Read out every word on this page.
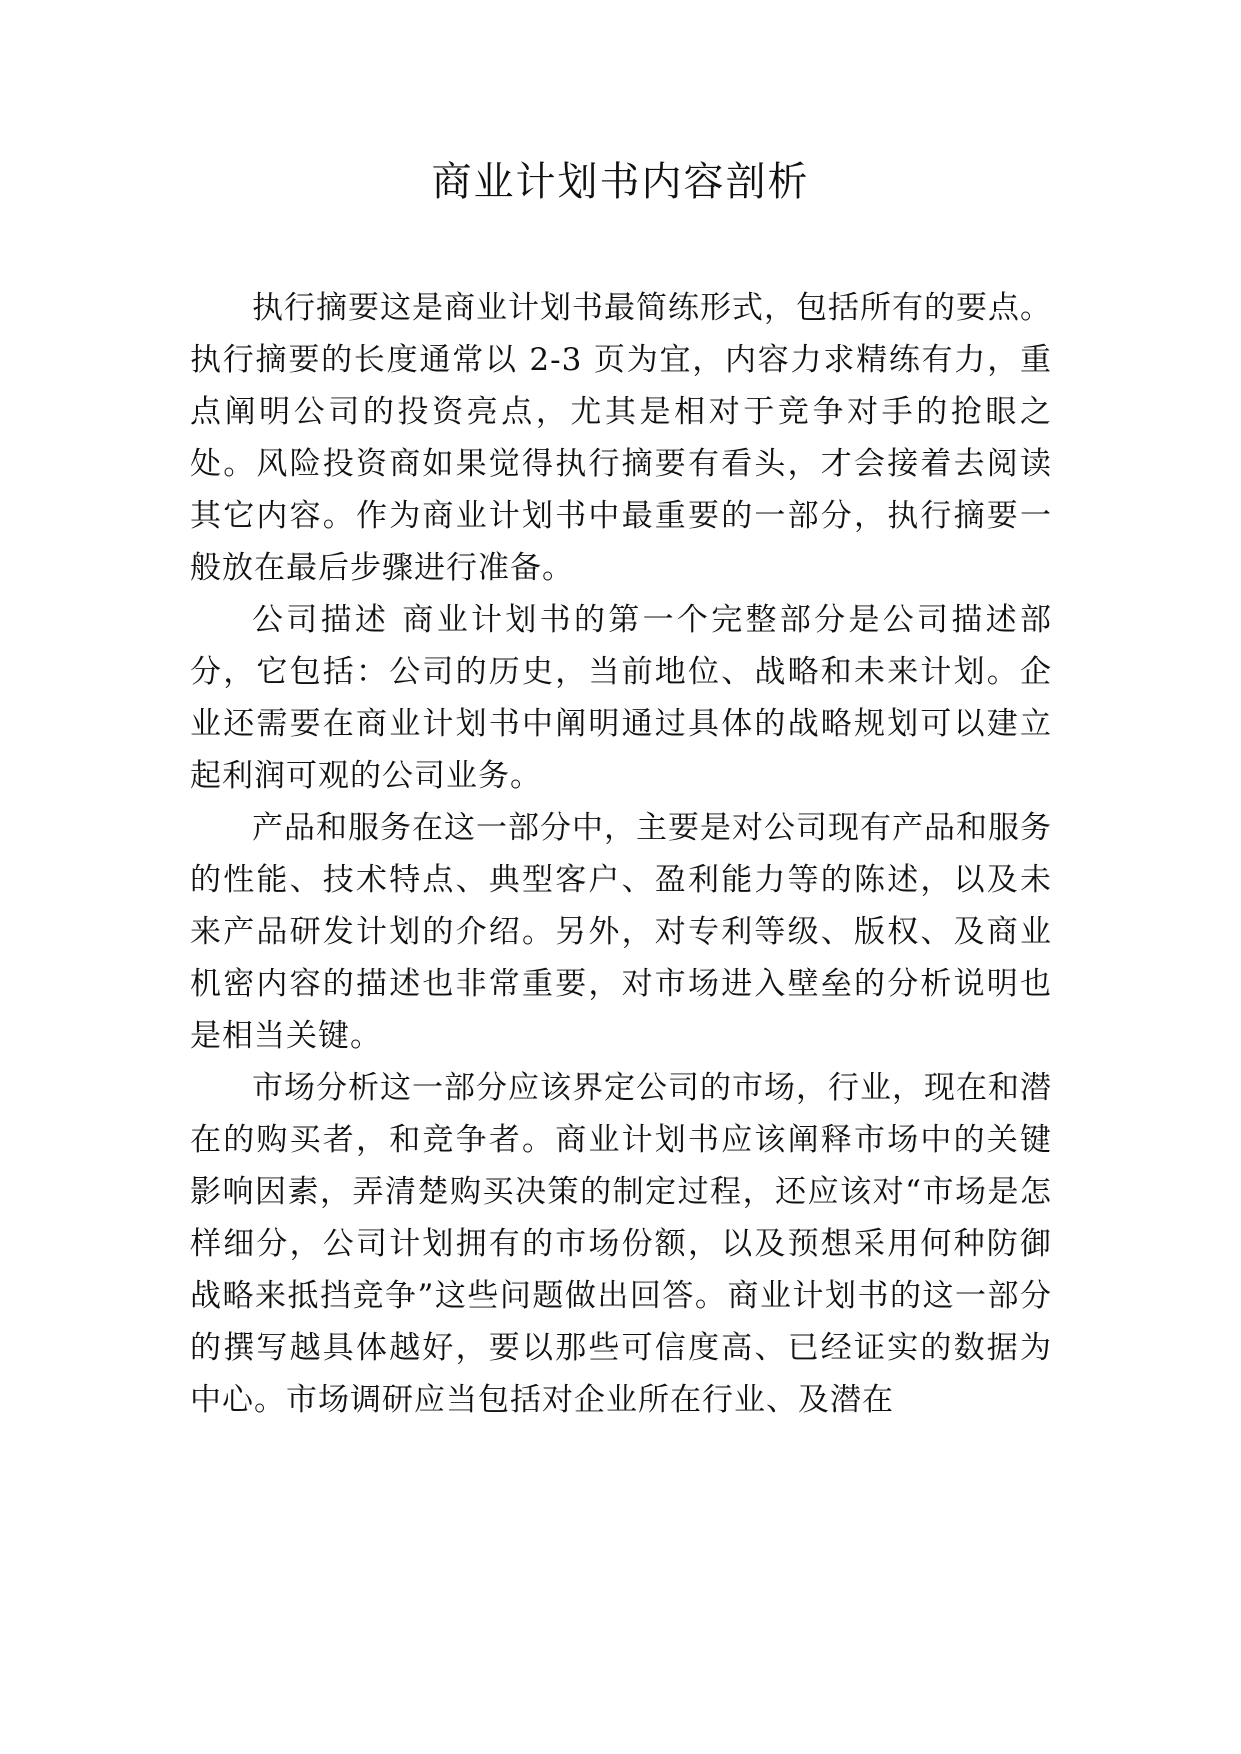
商业计划书内容剖析

执行摘要这是商业计划书最简练形式，包括所有的要点。执行摘要的长度通常以 2-3 页为宜，内容力求精练有力，重点阐明公司的投资亮点，尤其是相对于竞争对手的抢眼之处。风险投资商如果觉得执行摘要有看头，才会接着去阅读其它内容。作为商业计划书中最重要的一部分，执行摘要一般放在最后步骤进行准备。

公司描述 商业计划书的第一个完整部分是公司描述部分，它包括：公司的历史，当前地位、战略和未来计划。企业还需要在商业计划书中阐明通过具体的战略规划可以建立起利润可观的公司业务。

产品和服务在这一部分中，主要是对公司现有产品和服务的性能、技术特点、典型客户、盈利能力等的陈述，以及未来产品研发计划的介绍。另外，对专利等级、版权、及商业机密内容的描述也非常重要，对市场进入壁垒的分析说明也是相当关键。

市场分析这一部分应该界定公司的市场，行业，现在和潜在的购买者，和竞争者。商业计划书应该阐释市场中的关键影响因素，弄清楚购买决策的制定过程，还应该对“市场是怎样细分，公司计划拥有的市场份额，以及预想采用何种防御战略来抵挡竞争”这些问题做出回答。商业计划书的这一部分的撰写越具体越好，要以那些可信度高、已经证实的数据为中心。市场调研应当包括对企业所在行业、及潜在
